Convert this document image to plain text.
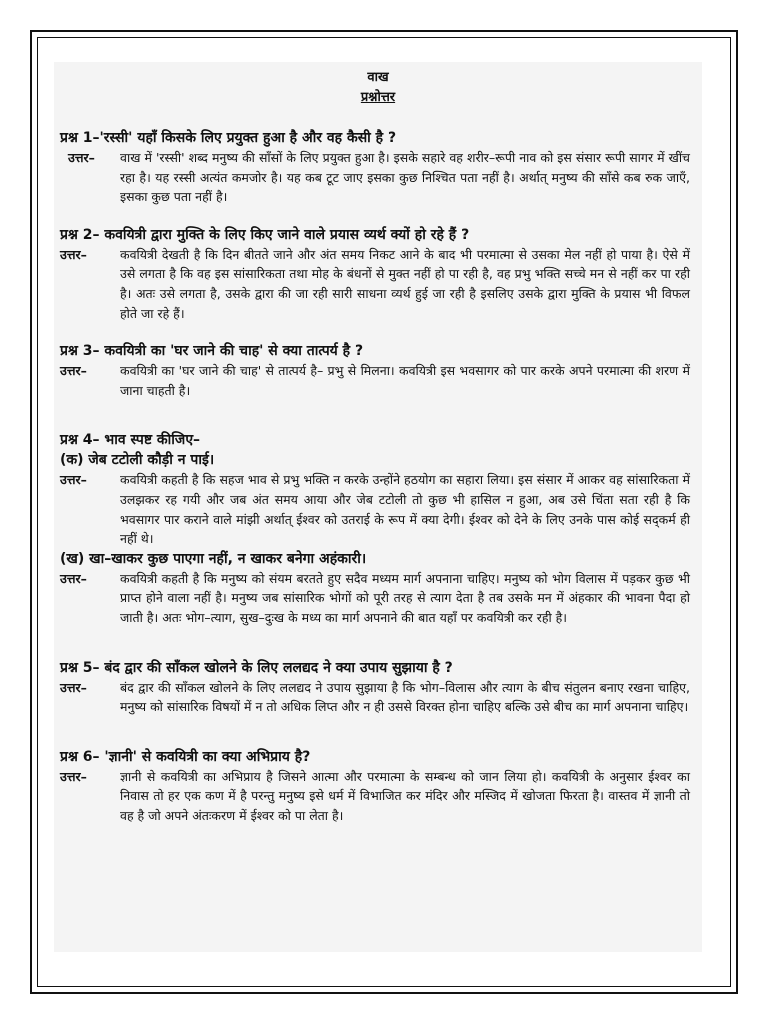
वाख
प्रश्नोत्तर

प्रश्न 1–'रस्सी' यहाँ किसके लिए प्रयुक्त हुआ है और वह कैसी है ?

उत्तर–	वाख में 'रस्सी' शब्द मनुष्य की साँसों के लिए प्रयुक्त हुआ है। इसके सहारे वह शरीर–रूपी नाव को इस संसार रूपी सागर में खींच रहा है। यह रस्सी अत्यंत कमजोर है। यह कब टूट जाए इसका कुछ निश्चित पता नहीं है। अर्थात् मनुष्य की साँसे कब रुक जाएँ, इसका कुछ पता नहीं है।

प्रश्न 2– कवयित्री द्वारा मुक्ति के लिए किए जाने वाले प्रयास व्यर्थ क्यों हो रहे हैं ?

उत्तर–	कवयित्री देखती है कि दिन बीतते जाने और अंत समय निकट आने के बाद भी परमात्मा से उसका मेल नहीं हो पाया है। ऐसे में उसे लगता है कि वह इस सांसारिकता तथा मोह के बंधनों से मुक्त नहीं हो पा रही है, वह प्रभु भक्ति सच्चे मन से नहीं कर पा रही है। अतः उसे लगता है, उसके द्वारा की जा रही सारी साधना व्यर्थ हुई जा रही है इसलिए उसके द्वारा मुक्ति के प्रयास भी विफल होते जा रहे हैं।

प्रश्न 3– कवयित्री का 'घर जाने की चाह' से क्या तात्पर्य है ?

उत्तर–	कवयित्री का 'घर जाने की चाह' से तात्पर्य है– प्रभु से मिलना। कवयित्री इस भवसागर को पार करके अपने परमात्मा की शरण में जाना चाहती है।

प्रश्न 4– भाव स्पष्ट कीजिए–

(क) जेब टटोली कौड़ी न पाई।

उत्तर–	कवयित्री कहती है कि सहज भाव से प्रभु भक्ति न करके उन्होंने हठयोग का सहारा लिया। इस संसार में आकर वह सांसारिकता में उलझकर रह गयी और जब अंत समय आया और जेब टटोली तो कुछ भी हासिल न हुआ, अब उसे चिंता सता रही है कि भवसागर पार कराने वाले मांझी अर्थात् ईश्वर को उतराई के रूप में क्या देगी। ईश्वर को देने के लिए उनके पास कोई सद्कर्म ही नहीं थे।

(ख) खा–खाकर कुछ पाएगा नहीं, न खाकर बनेगा अहंकारी।

उत्तर–	कवयित्री कहती है कि मनुष्य को संयम बरतते हुए सदैव मध्यम मार्ग अपनाना चाहिए। मनुष्य को भोग विलास में पड़कर कुछ भी प्राप्त होने वाला नहीं है। मनुष्य जब सांसारिक भोगों को पूरी तरह से त्याग देता है तब उसके मन में अंहकार की भावना पैदा हो जाती है। अतः भोग–त्याग, सुख–दुःख के मध्य का मार्ग अपनाने की बात यहाँ पर कवयित्री कर रही है।

प्रश्न 5– बंद द्वार की साँकल खोलने के लिए ललद्यद ने क्या उपाय सुझाया है ?

उत्तर–	बंद द्वार की साँकल खोलने के लिए ललद्यद ने उपाय सुझाया है कि भोग–विलास और त्याग के बीच संतुलन बनाए रखना चाहिए, मनुष्य को सांसारिक विषयों में न तो अधिक लिप्त और न ही उससे विरक्त होना चाहिए बल्कि उसे बीच का मार्ग अपनाना चाहिए।

प्रश्न 6– 'ज्ञानी' से कवयित्री का क्या अभिप्राय है?

उत्तर–	ज्ञानी से कवयित्री का अभिप्राय है जिसने आत्मा और परमात्मा के सम्बन्ध को जान लिया हो। कवयित्री के अनुसार ईश्वर का निवास तो हर एक कण में है परन्तु मनुष्य इसे धर्म में विभाजित कर मंदिर और मस्जिद में खोजता फिरता है। वास्तव में ज्ञानी तो वह है जो अपने अंतःकरण में ईश्वर को पा लेता है।
